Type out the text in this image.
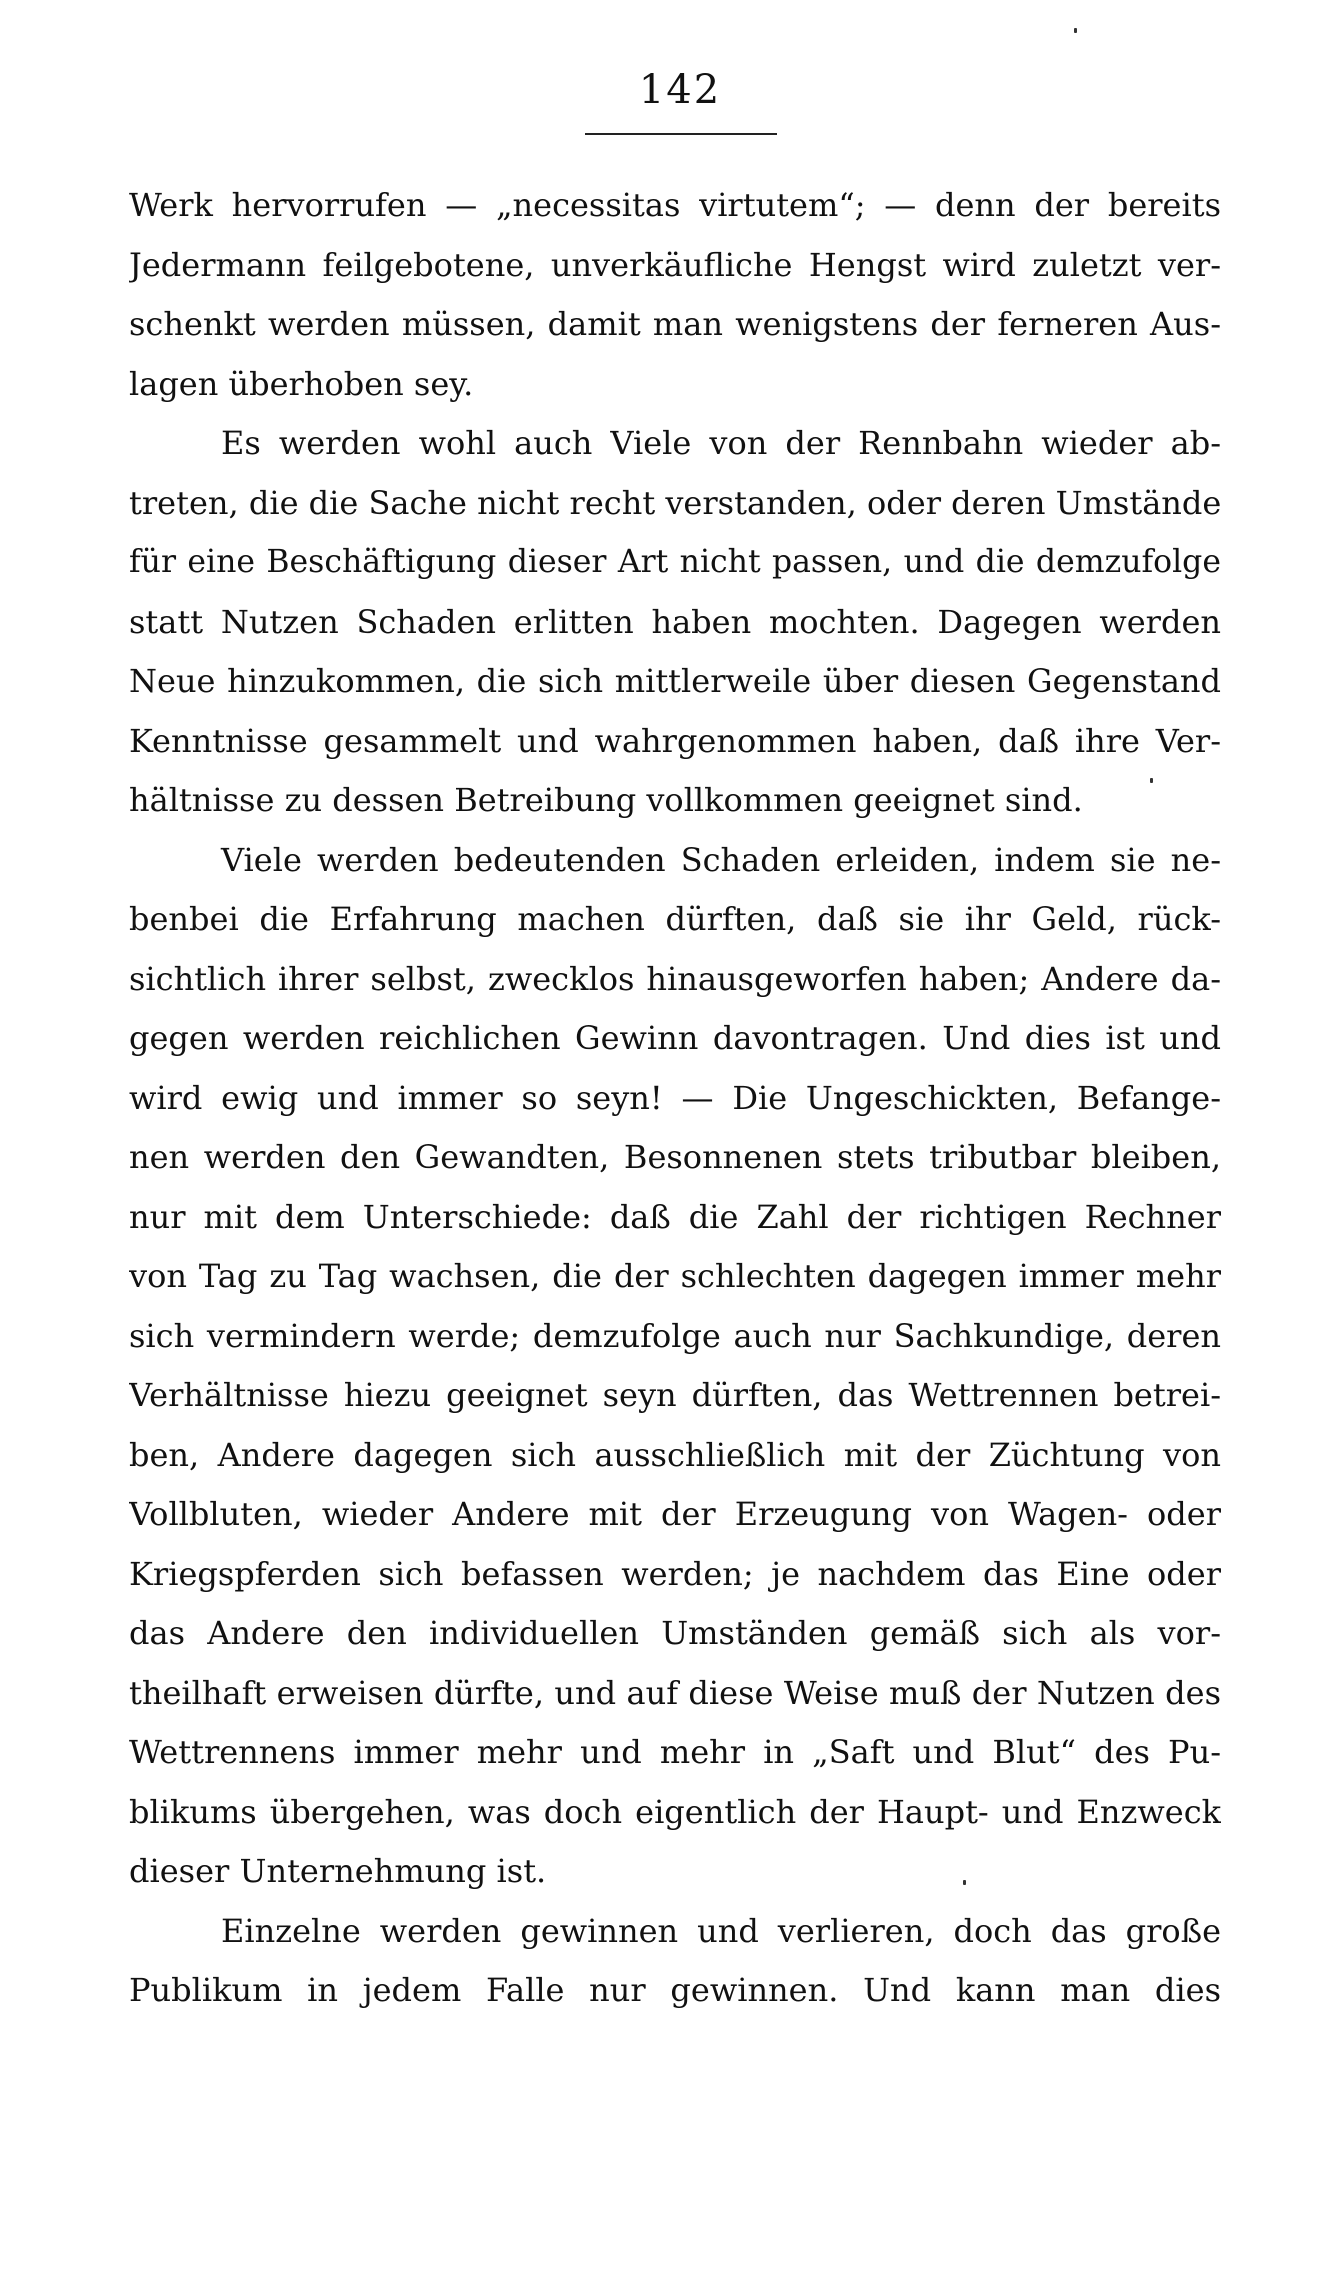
142
Werk hervorrufen — „necessitas virtutem“; — denn der bereits
Jedermann feilgebotene, unverkäufliche Hengst wird zuletzt ver-
schenkt werden müssen, damit man wenigstens der ferneren Aus-
lagen überhoben sey.
Es werden wohl auch Viele von der Rennbahn wieder ab-
treten, die die Sache nicht recht verstanden, oder deren Umstände
für eine Beschäftigung dieser Art nicht passen, und die demzufolge
statt Nutzen Schaden erlitten haben mochten. Dagegen werden
Neue hinzukommen, die sich mittlerweile über diesen Gegenstand
Kenntnisse gesammelt und wahrgenommen haben, daß ihre Ver-
hältnisse zu dessen Betreibung vollkommen geeignet sind.
Viele werden bedeutenden Schaden erleiden, indem sie ne-
benbei die Erfahrung machen dürften, daß sie ihr Geld, rück-
sichtlich ihrer selbst, zwecklos hinausgeworfen haben; Andere da-
gegen werden reichlichen Gewinn davontragen. Und dies ist und
wird ewig und immer so seyn! — Die Ungeschickten, Befange-
nen werden den Gewandten, Besonnenen stets tributbar bleiben,
nur mit dem Unterschiede: daß die Zahl der richtigen Rechner
von Tag zu Tag wachsen, die der schlechten dagegen immer mehr
sich vermindern werde; demzufolge auch nur Sachkundige, deren
Verhältnisse hiezu geeignet seyn dürften, das Wettrennen betrei-
ben, Andere dagegen sich ausschließlich mit der Züchtung von
Vollbluten, wieder Andere mit der Erzeugung von Wagen- oder
Kriegspferden sich befassen werden; je nachdem das Eine oder
das Andere den individuellen Umständen gemäß sich als vor-
theilhaft erweisen dürfte, und auf diese Weise muß der Nutzen des
Wettrennens immer mehr und mehr in „Saft und Blut“ des Pu-
blikums übergehen, was doch eigentlich der Haupt- und Enzweck
dieser Unternehmung ist.
Einzelne werden gewinnen und verlieren, doch das große
Publikum in jedem Falle nur gewinnen. Und kann man dies
